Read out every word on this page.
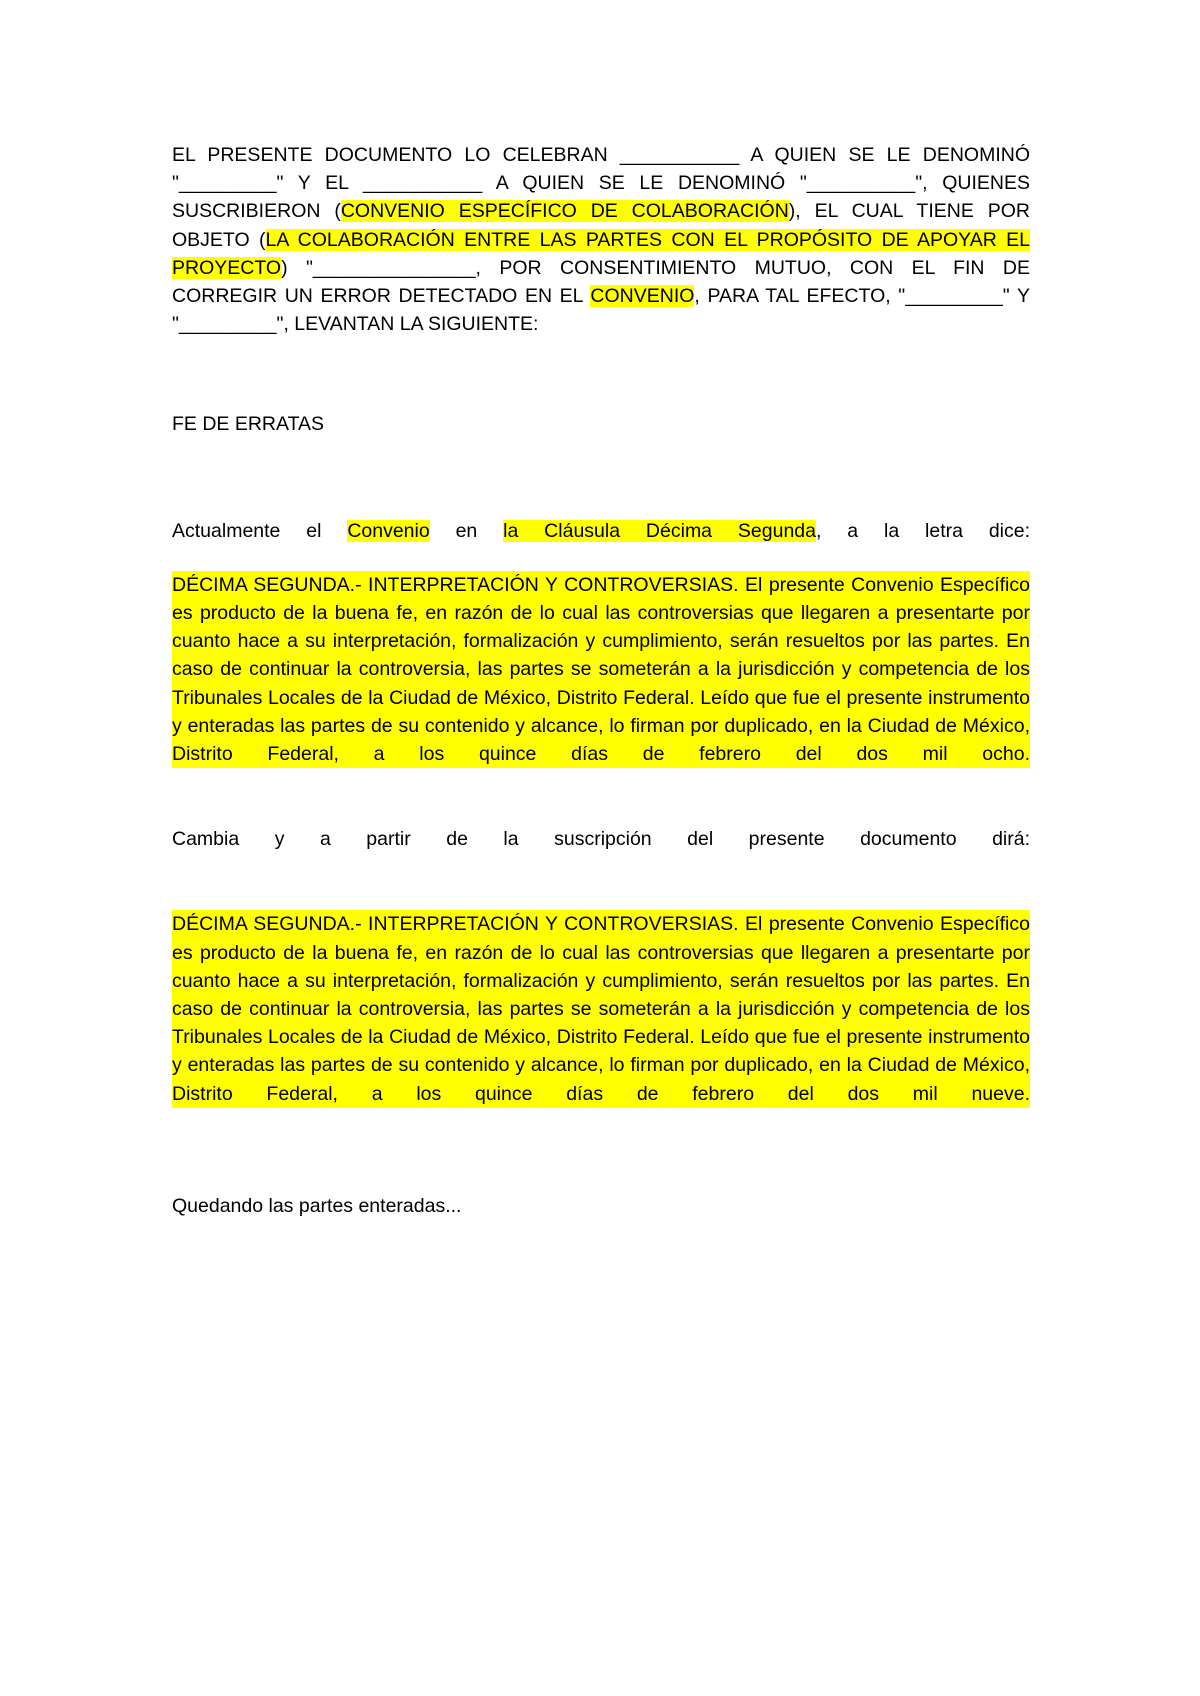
EL PRESENTE DOCUMENTO LO CELEBRAN ___________ A QUIEN SE LE DENOMINÓ "_________" Y EL ___________ A QUIEN SE LE DENOMINÓ "__________", QUIENES SUSCRIBIERON (CONVENIO ESPECÍFICO DE COLABORACIÓN), EL CUAL TIENE POR OBJETO (LA COLABORACIÓN ENTRE LAS PARTES CON EL PROPÓSITO DE APOYAR EL PROYECTO) "_______________, POR CONSENTIMIENTO MUTUO, CON EL FIN DE CORREGIR UN ERROR DETECTADO EN EL CONVENIO, PARA TAL EFECTO, "_________" Y "_________", LEVANTAN LA SIGUIENTE:

FE DE ERRATAS

Actualmente el Convenio en la Cláusula Décima Segunda, a la letra dice:

DÉCIMA SEGUNDA.- INTERPRETACIÓN Y CONTROVERSIAS. El presente Convenio Específico es producto de la buena fe, en razón de lo cual las controversias que llegaren a presentarte por cuanto hace a su interpretación, formalización y cumplimiento, serán resueltos por las partes. En caso de continuar la controversia, las partes se someterán a la jurisdicción y competencia de los Tribunales Locales de la Ciudad de México, Distrito Federal. Leído que fue el presente instrumento y enteradas las partes de su contenido y alcance, lo firman por duplicado, en la Ciudad de México, Distrito Federal, a los quince días de febrero del dos mil ocho.

Cambia y a partir de la suscripción del presente documento dirá:

DÉCIMA SEGUNDA.- INTERPRETACIÓN Y CONTROVERSIAS. El presente Convenio Específico es producto de la buena fe, en razón de lo cual las controversias que llegaren a presentarte por cuanto hace a su interpretación, formalización y cumplimiento, serán resueltos por las partes. En caso de continuar la controversia, las partes se someterán a la jurisdicción y competencia de los Tribunales Locales de la Ciudad de México, Distrito Federal. Leído que fue el presente instrumento y enteradas las partes de su contenido y alcance, lo firman por duplicado, en la Ciudad de México, Distrito Federal, a los quince días de febrero del dos mil nueve.

Quedando las partes enteradas...
